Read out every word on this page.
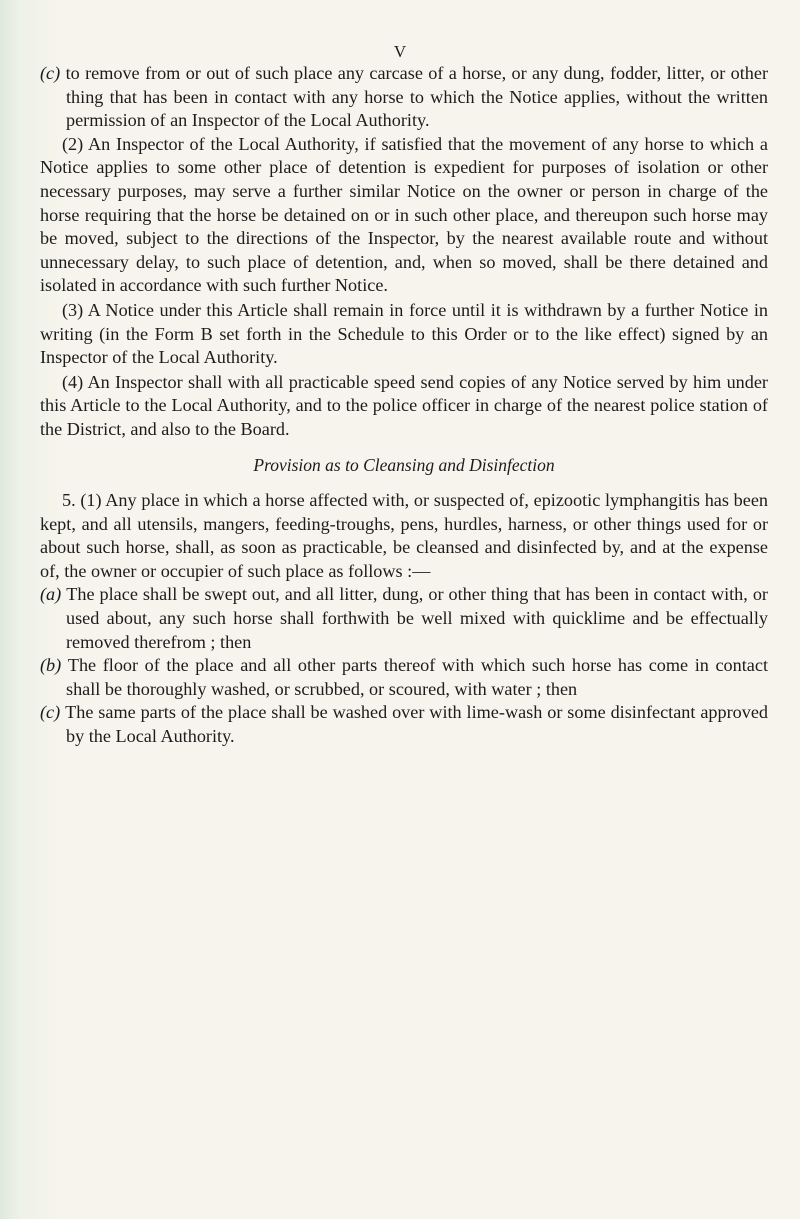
V

(c) to remove from or out of such place any carcase of a horse, or any dung, fodder, litter, or other thing that has been in contact with any horse to which the Notice applies, without the written permission of an Inspector of the Local Authority.

(2) An Inspector of the Local Authority, if satisfied that the movement of any horse to which a Notice applies to some other place of detention is expedient for purposes of isolation or other necessary purposes, may serve a further similar Notice on the owner or person in charge of the horse requiring that the horse be detained on or in such other place, and thereupon such horse may be moved, subject to the directions of the Inspector, by the nearest available route and without unnecessary delay, to such place of detention, and, when so moved, shall be there detained and isolated in accordance with such further Notice.

(3) A Notice under this Article shall remain in force until it is withdrawn by a further Notice in writing (in the Form B set forth in the Schedule to this Order or to the like effect) signed by an Inspector of the Local Authority.

(4) An Inspector shall with all practicable speed send copies of any Notice served by him under this Article to the Local Authority, and to the police officer in charge of the nearest police station of the District, and also to the Board.

Provision as to Cleansing and Disinfection

5. (1) Any place in which a horse affected with, or suspected of, epizootic lymphangitis has been kept, and all utensils, mangers, feeding-troughs, pens, hurdles, harness, or other things used for or about such horse, shall, as soon as practicable, be cleansed and disinfected by, and at the expense of, the owner or occupier of such place as follows :—

(a) The place shall be swept out, and all litter, dung, or other thing that has been in contact with, or used about, any such horse shall forthwith be well mixed with quicklime and be effectually removed therefrom ; then

(b) The floor of the place and all other parts thereof with which such horse has come in contact shall be thoroughly washed, or scrubbed, or scoured, with water ; then

(c) The same parts of the place shall be washed over with lime-wash or some disinfectant approved by the Local Authority.
